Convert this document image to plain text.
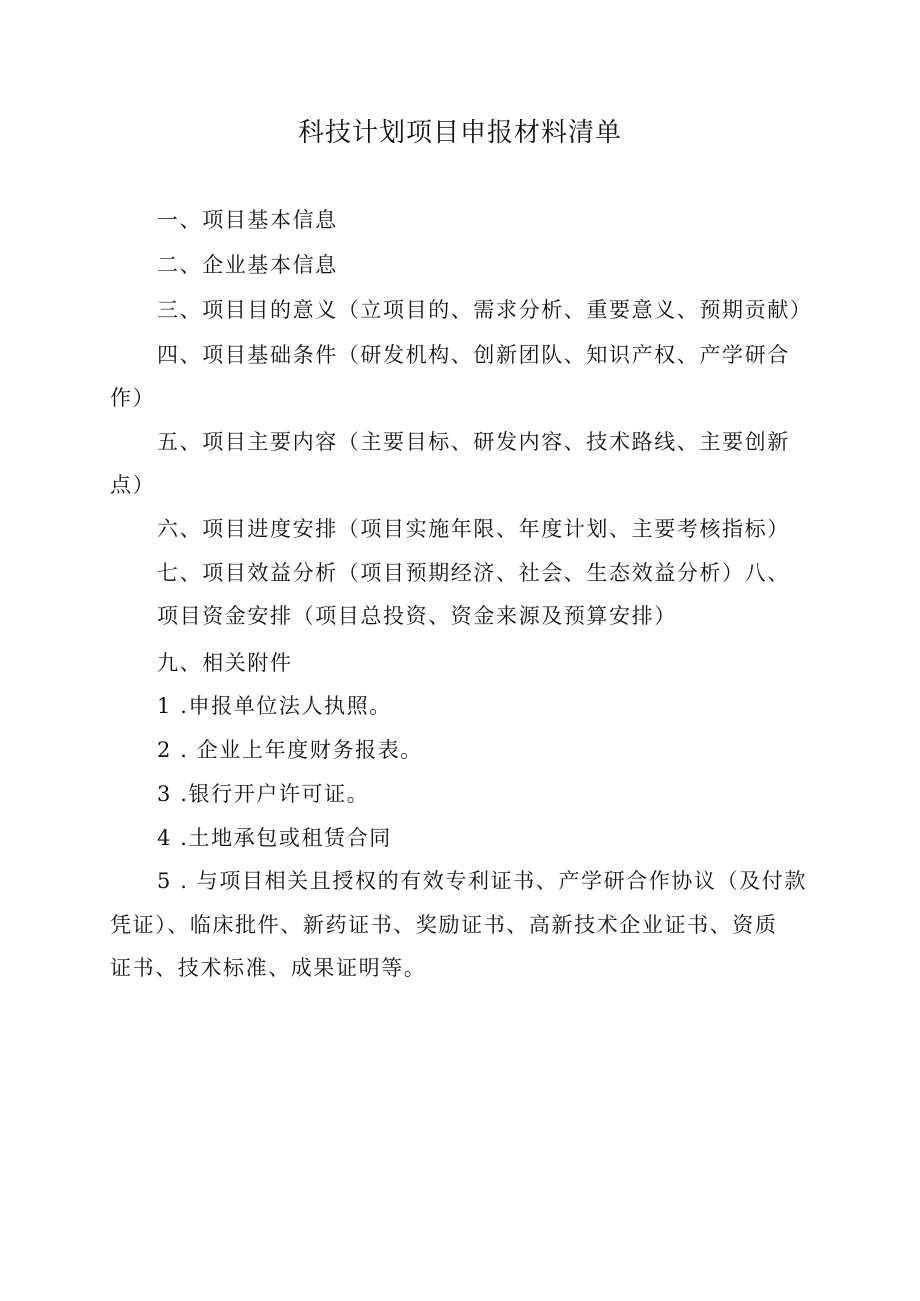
科技计划项目申报材料清单
一、项目基本信息
二、企业基本信息
三、项目目的意义（立项目的、需求分析、重要意义、预期贡献）
四、项目基础条件（研发机构、创新团队、知识产权、产学研合
作）
五、项目主要内容（主要目标、研发内容、技术路线、主要创新
点）
六、项目进度安排（项目实施年限、年度计划、主要考核指标）
七、项目效益分析（项目预期经济、社会、生态效益分析）八、
项目资金安排（项目总投资、资金来源及预算安排）
九、相关附件
1 .申报单位法人执照。
2 . 企业上年度财务报表。
3 .银行开户许可证。
4 .土地承包或租赁合同
5 . 与项目相关且授权的有效专利证书、产学研合作协议（及付款
凭证）、临床批件、新药证书、奖励证书、高新技术企业证书、资质
证书、技术标准、成果证明等。
